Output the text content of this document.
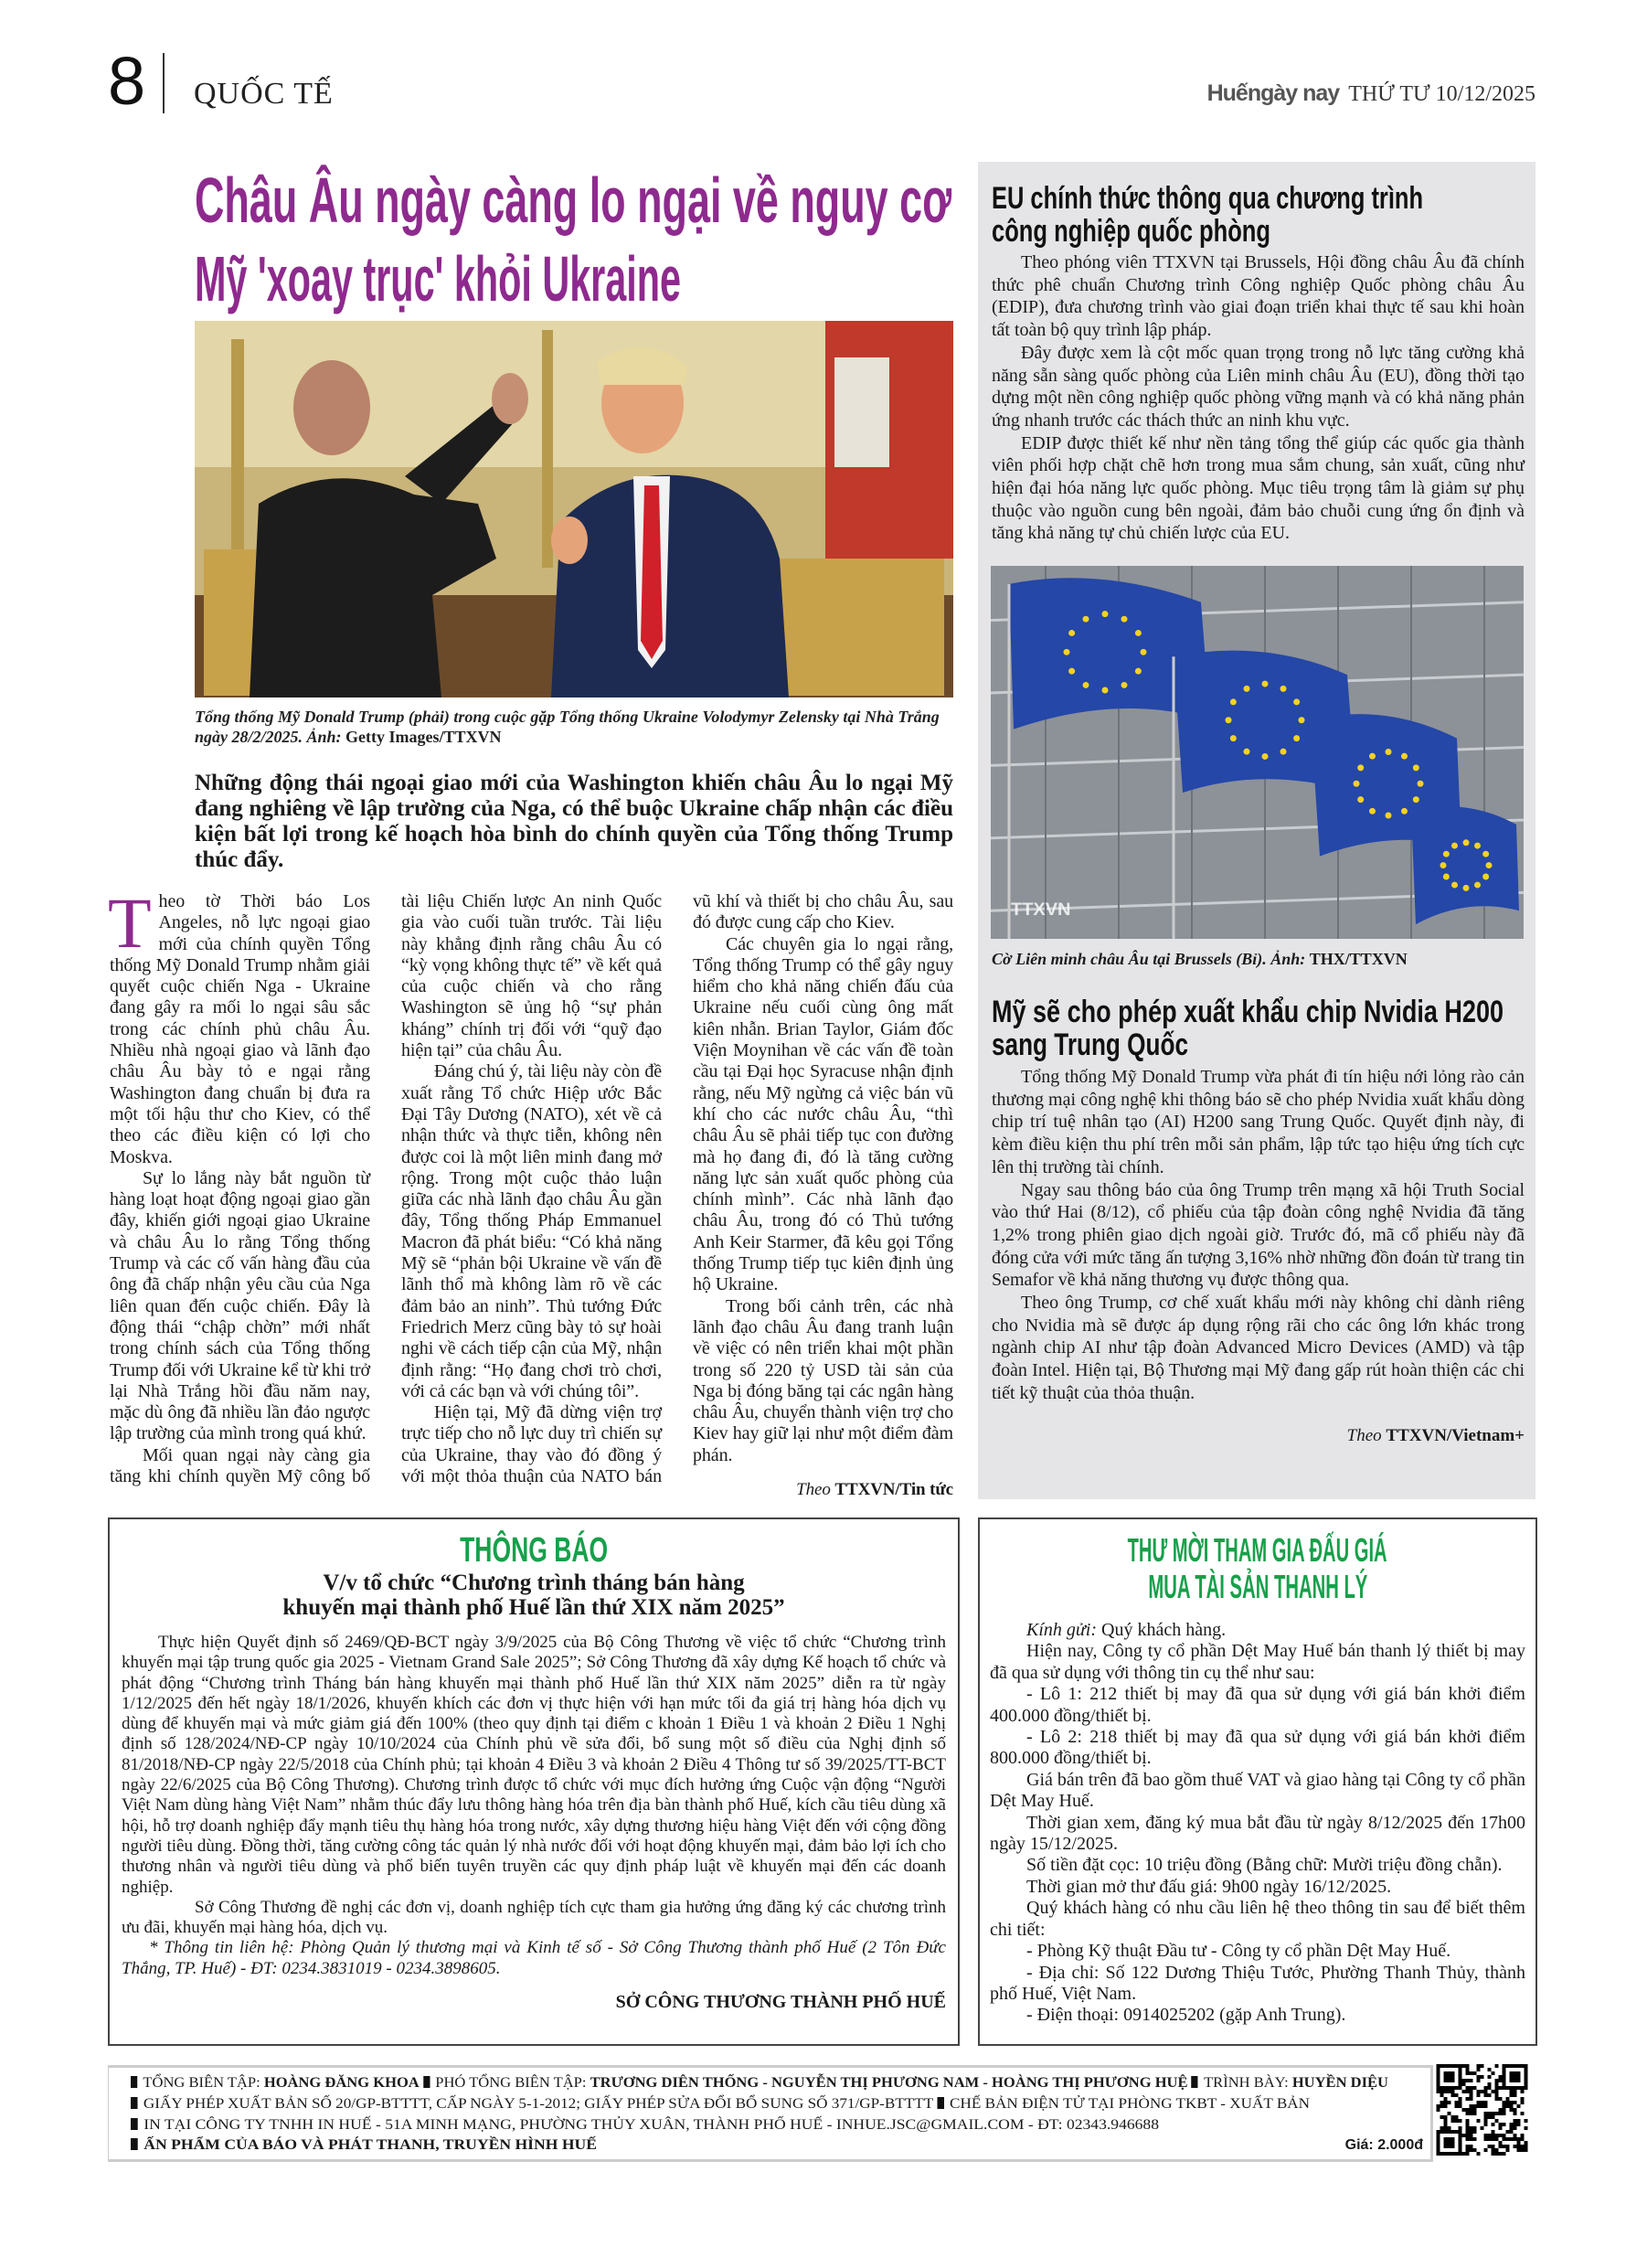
8 QUỐC TẾ	Huếngày nay THỨ TƯ 10/12/2025
Châu Âu ngày càng lo ngại về nguy cơ
Mỹ 'xoay trục' khỏi Ukraine
Tổng thống Mỹ Donald Trump (phải) trong cuộc gặp Tổng thống Ukraine Volodymyr Zelensky tại Nhà Trắng ngày 28/2/2025. Ảnh: Getty Images/TTXVN
Những động thái ngoại giao mới của Washington khiến châu Âu lo ngại Mỹ đang nghiêng về lập trường của Nga, có thể buộc Ukraine chấp nhận các điều kiện bất lợi trong kế hoạch hòa bình do chính quyền của Tổng thống Trump thúc đẩy.

Theo tờ Thời báo Los Angeles, nỗ lực ngoại giao mới của chính quyền Tổng thống Mỹ Donald Trump nhằm giải quyết cuộc chiến Nga - Ukraine đang gây ra mối lo ngại sâu sắc trong các chính phủ châu Âu. Nhiều nhà ngoại giao và lãnh đạo châu Âu bày tỏ e ngại rằng Washington đang chuẩn bị đưa ra một tối hậu thư cho Kiev, có thể theo các điều kiện có lợi cho Moskva.

Sự lo lắng này bắt nguồn từ hàng loạt hoạt động ngoại giao gần đây, khiến giới ngoại giao Ukraine và châu Âu lo rằng Tổng thống Trump và các cố vấn hàng đầu của ông đã chấp nhận yêu cầu của Nga liên quan đến cuộc chiến. Đây là động thái “chập chờn” mới nhất trong chính sách của Tổng thống Trump đối với Ukraine kể từ khi trở lại Nhà Trắng hồi đầu năm nay, mặc dù ông đã nhiều lần đảo ngược lập trường của mình trong quá khứ.

Mối quan ngại này càng gia tăng khi chính quyền Mỹ công bố tài liệu Chiến lược An ninh Quốc gia vào cuối tuần trước. Tài liệu này khẳng định rằng châu Âu có “kỳ vọng không thực tế” về kết quả của cuộc chiến và cho rằng Washington sẽ ủng hộ “sự phản kháng” chính trị đối với “quỹ đạo hiện tại” của châu Âu.

Đáng chú ý, tài liệu này còn đề xuất rằng Tổ chức Hiệp ước Bắc Đại Tây Dương (NATO), xét về cả nhận thức và thực tiễn, không nên được coi là một liên minh đang mở rộng. Trong một cuộc thảo luận giữa các nhà lãnh đạo châu Âu gần đây, Tổng thống Pháp Emmanuel Macron đã phát biểu: “Có khả năng Mỹ sẽ “phản bội Ukraine về vấn đề lãnh thổ mà không làm rõ về các đảm bảo an ninh”. Thủ tướng Đức Friedrich Merz cũng bày tỏ sự hoài nghi về cách tiếp cận của Mỹ, nhận định rằng: “Họ đang chơi trò chơi, với cả các bạn và với chúng tôi”.

Hiện tại, Mỹ đã dừng viện trợ trực tiếp cho nỗ lực duy trì chiến sự của Ukraine, thay vào đó đồng ý với một thỏa thuận của NATO bán vũ khí và thiết bị cho châu Âu, sau đó được cung cấp cho Kiev.

Các chuyên gia lo ngại rằng, Tổng thống Trump có thể gây nguy hiểm cho khả năng chiến đấu của Ukraine nếu cuối cùng ông mất kiên nhẫn. Brian Taylor, Giám đốc Viện Moynihan về các vấn đề toàn cầu tại Đại học Syracuse nhận định rằng, nếu Mỹ ngừng cả việc bán vũ khí cho các nước châu Âu, “thì châu Âu sẽ phải tiếp tục con đường mà họ đang đi, đó là tăng cường năng lực sản xuất quốc phòng của chính mình”. Các nhà lãnh đạo châu Âu, trong đó có Thủ tướng Anh Keir Starmer, đã kêu gọi Tổng thống Trump tiếp tục kiên định ủng hộ Ukraine.

Trong bối cảnh trên, các nhà lãnh đạo châu Âu đang tranh luận về việc có nên triển khai một phần trong số 220 tỷ USD tài sản của Nga bị đóng băng tại các ngân hàng châu Âu, chuyển thành viện trợ cho Kiev hay giữ lại như một điểm đàm phán.

Theo TTXVN/Tin tức

EU chính thức thông qua chương trình
công nghiệp quốc phòng

Theo phóng viên TTXVN tại Brussels, Hội đồng châu Âu đã chính thức phê chuẩn Chương trình Công nghiệp Quốc phòng châu Âu (EDIP), đưa chương trình vào giai đoạn triển khai thực tế sau khi hoàn tất toàn bộ quy trình lập pháp.

Đây được xem là cột mốc quan trọng trong nỗ lực tăng cường khả năng sẵn sàng quốc phòng của Liên minh châu Âu (EU), đồng thời tạo dựng một nền công nghiệp quốc phòng vững mạnh và có khả năng phản ứng nhanh trước các thách thức an ninh khu vực.

EDIP được thiết kế như nền tảng tổng thể giúp các quốc gia thành viên phối hợp chặt chẽ hơn trong mua sắm chung, sản xuất, cũng như hiện đại hóa năng lực quốc phòng. Mục tiêu trọng tâm là giảm sự phụ thuộc vào nguồn cung bên ngoài, đảm bảo chuỗi cung ứng ổn định và tăng khả năng tự chủ chiến lược của EU.

TTXVN
Cờ Liên minh châu Âu tại Brussels (Bỉ). Ảnh: THX/TTXVN
Mỹ sẽ cho phép xuất khẩu chip Nvidia H200
sang Trung Quốc

Tổng thống Mỹ Donald Trump vừa phát đi tín hiệu nới lỏng rào cản thương mại công nghệ khi thông báo sẽ cho phép Nvidia xuất khẩu dòng chip trí tuệ nhân tạo (AI) H200 sang Trung Quốc. Quyết định này, đi kèm điều kiện thu phí trên mỗi sản phẩm, lập tức tạo hiệu ứng tích cực lên thị trường tài chính.

Ngay sau thông báo của ông Trump trên mạng xã hội Truth Social vào thứ Hai (8/12), cổ phiếu của tập đoàn công nghệ Nvidia đã tăng 1,2% trong phiên giao dịch ngoài giờ. Trước đó, mã cổ phiếu này đã đóng cửa với mức tăng ấn tượng 3,16% nhờ những đồn đoán từ trang tin Semafor về khả năng thương vụ được thông qua.

Theo ông Trump, cơ chế xuất khẩu mới này không chỉ dành riêng cho Nvidia mà sẽ được áp dụng rộng rãi cho các ông lớn khác trong ngành chip AI như tập đoàn Advanced Micro Devices (AMD) và tập đoàn Intel. Hiện tại, Bộ Thương mại Mỹ đang gấp rút hoàn thiện các chi tiết kỹ thuật của thỏa thuận.

Theo TTXVN/Vietnam+

THÔNG BÁO
V/v tổ chức “Chương trình tháng bán hàng
khuyến mại thành phố Huế lần thứ XIX năm 2025”

Thực hiện Quyết định số 2469/QĐ-BCT ngày 3/9/2025 của Bộ Công Thương về việc tổ chức “Chương trình khuyến mại tập trung quốc gia 2025 - Vietnam Grand Sale 2025”; Sở Công Thương đã xây dựng Kế hoạch tổ chức và phát động “Chương trình Tháng bán hàng khuyến mại thành phố Huế lần thứ XIX năm 2025” diễn ra từ ngày 1/12/2025 đến hết ngày 18/1/2026, khuyến khích các đơn vị thực hiện với hạn mức tối đa giá trị hàng hóa dịch vụ dùng để khuyến mại và mức giảm giá đến 100% (theo quy định tại điểm c khoản 1 Điều 1 và khoản 2 Điều 1 Nghị định số 128/2024/NĐ-CP ngày 10/10/2024 của Chính phủ về sửa đổi, bổ sung một số điều của Nghị định số 81/2018/NĐ-CP ngày 22/5/2018 của Chính phủ; tại khoản 4 Điều 3 và khoản 2 Điều 4 Thông tư số 39/2025/TT-BCT ngày 22/6/2025 của Bộ Công Thương). Chương trình được tổ chức với mục đích hưởng ứng Cuộc vận động “Người Việt Nam dùng hàng Việt Nam” nhằm thúc đẩy lưu thông hàng hóa trên địa bàn thành phố Huế, kích cầu tiêu dùng xã hội, hỗ trợ doanh nghiệp đẩy mạnh tiêu thụ hàng hóa trong nước, xây dựng thương hiệu hàng Việt đến với cộng đồng người tiêu dùng. Đồng thời, tăng cường công tác quản lý nhà nước đối với hoạt động khuyến mại, đảm bảo lợi ích cho thương nhân và người tiêu dùng và phổ biến tuyên truyền các quy định pháp luật về khuyến mại đến các doanh nghiệp.

Sở Công Thương đề nghị các đơn vị, doanh nghiệp tích cực tham gia hưởng ứng đăng ký các chương trình ưu đãi, khuyến mại hàng hóa, dịch vụ.

* Thông tin liên hệ: Phòng Quản lý thương mại và Kinh tế số - Sở Công Thương thành phố Huế (2 Tôn Đức Thắng, TP. Huế) - ĐT: 0234.3831019 - 0234.3898605.

SỞ CÔNG THƯƠNG THÀNH PHỐ HUẾ

THƯ MỜI THAM GIA ĐẤU GIÁ
MUA TÀI SẢN THANH LÝ

Kính gửi: Quý khách hàng.

Hiện nay, Công ty cổ phần Dệt May Huế bán thanh lý thiết bị may đã qua sử dụng với thông tin cụ thể như sau:

- Lô 1: 212 thiết bị may đã qua sử dụng với giá bán khởi điểm 400.000 đồng/thiết bị.

- Lô 2: 218 thiết bị may đã qua sử dụng với giá bán khởi điểm 800.000 đồng/thiết bị.

Giá bán trên đã bao gồm thuế VAT và giao hàng tại Công ty cổ phần Dệt May Huế.

Thời gian xem, đăng ký mua bắt đầu từ ngày 8/12/2025 đến 17h00 ngày 15/12/2025.

Số tiền đặt cọc: 10 triệu đồng (Bằng chữ: Mười triệu đồng chẵn).

Thời gian mở thư đấu giá: 9h00 ngày 16/12/2025.

Quý khách hàng có nhu cầu liên hệ theo thông tin sau để biết thêm chi tiết:

- Phòng Kỹ thuật Đầu tư - Công ty cổ phần Dệt May Huế.

- Địa chỉ: Số 122 Dương Thiệu Tước, Phường Thanh Thủy, thành phố Huế, Việt Nam.

- Điện thoại: 0914025202 (gặp Anh Trung).

TỔNG BIÊN TẬP: HOÀNG ĐĂNG KHOA PHÓ TỔNG BIÊN TẬP: TRƯƠNG DIÊN THỐNG - NGUYỄN THỊ PHƯƠNG NAM - HOÀNG THỊ PHƯƠNG HUỆ TRÌNH BÀY: HUYỀN DIỆU
GIẤY PHÉP XUẤT BẢN SỐ 20/GP-BTTTT, CẤP NGÀY 5-1-2012; GIẤY PHÉP SỬA ĐỔI BỔ SUNG SỐ 371/GP-BTTTT CHẾ BẢN ĐIỆN TỬ TẠI PHÒNG TKBT - XUẤT BẢN
IN TẠI CÔNG TY TNHH IN HUẾ - 51A MINH MẠNG, PHƯỜNG THỦY XUÂN, THÀNH PHỐ HUẾ - INHUE.JSC@GMAIL.COM - ĐT: 02343.946688
ẤN PHẨM CỦA BÁO VÀ PHÁT THANH, TRUYỀN HÌNH HUẾ	Giá: 2.000đ
